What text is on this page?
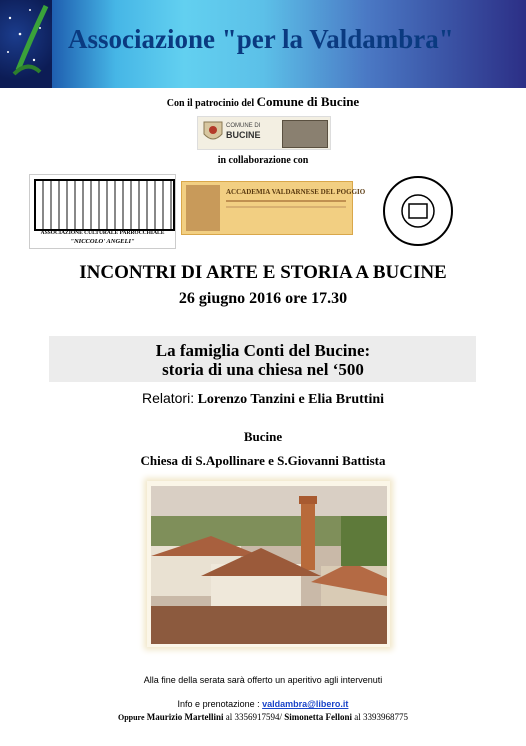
Associazione "per la Valdambra"
Con il patrocinio del Comune di Bucine
COMUNE DI
BUCINE
in collaborazione con
ASSOCIAZIONE CULTURALE PARROCCHIALE
"NICCOLO' ANGELI"
ACCADEMIA VALDARNESE DEL POGGIO
INCONTRI DI ARTE E STORIA A BUCINE
26 giugno 2016 ore 17.30
La famiglia Conti del Bucine:
storia di una chiesa nel ‘500
Relatori: Lorenzo Tanzini e Elia Bruttini
Bucine
Chiesa di S.Apollinare e S.Giovanni Battista
Alla fine della serata sarà offerto un aperitivo agli intervenuti
Info e prenotazione : valdambra@libero.it
Oppure Maurizio Martellini al 3356917594/ Simonetta Felloni al 3393968775
